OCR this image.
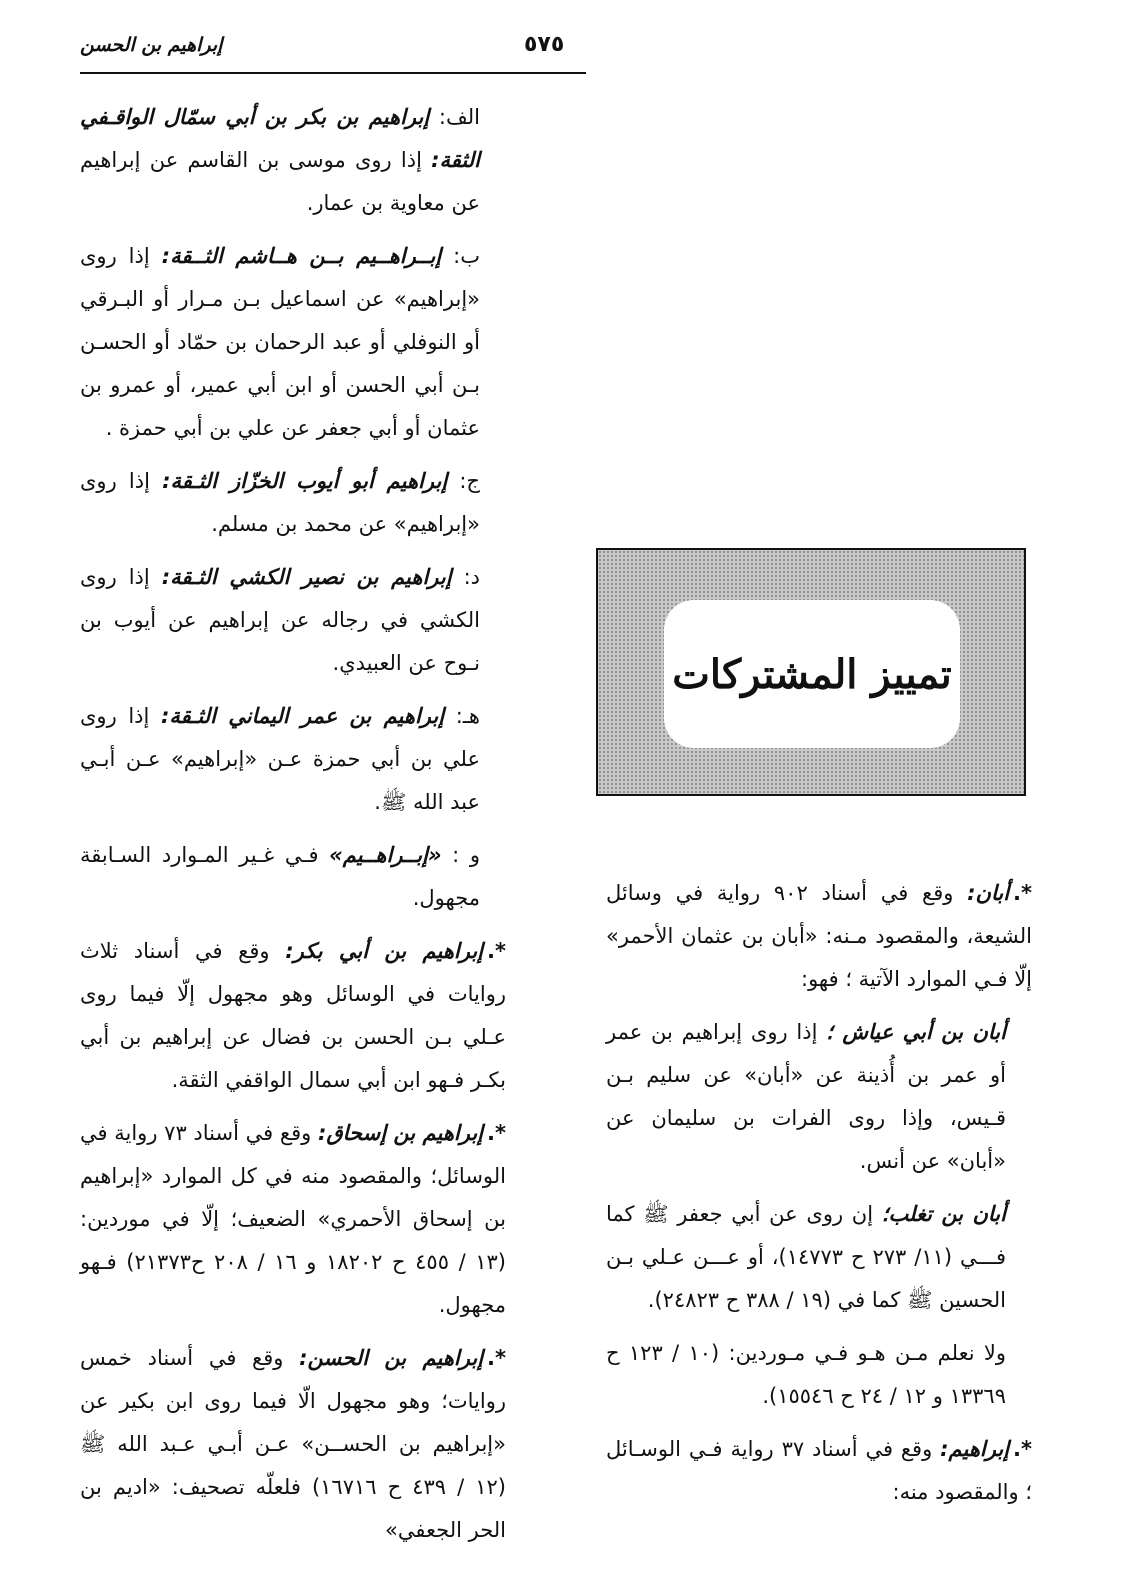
٥٧٥
إبراهيم بن الحسن

الف: إبراهيم بن بكر بن أبي سمّال الواقـفي الثقة: إذا روى موسى بن القاسم عن إبراهيم عن معاوية بن عمار.

ب: إبــراهــيم بــن هــاشم الثــقة: إذا روى «إبراهيم» عن اسماعيل بـن مـرار أو البـرقي أو النوفلي أو عبد الرحمان بن حمّاد أو الحسـن بـن أبي الحسن أو ابن أبي عمير، أو عمرو بن عثمان أو أبي جعفر عن علي بن أبي حمزة .

ج: إبراهيم أبو أيوب الخزّاز الثـقة: إذا روى «إبراهيم» عن محمد بن مسلم.

د: إبراهيم بن نصير الكشي الثـقة: إذا روى الكشي في رجاله عن إبراهيم عن أيوب بن نـوح عن العبيدي.

هـ: إبراهيم بن عمر اليماني الثـقة: إذا روى علي بن أبي حمزة عـن «إبراهيم» عـن أبـي عبد الله ﷺ.

و : «إبــراهــيم» فـي غـير المـوارد السـابقة مجهول.

*.إبراهيم بن أبي بكر: وقع في أسناد ثلاث روايات في الوسائل وهو مجهول إلّا فيما روى عـلي بـن الحسن بن فضال عن إبراهيم بن أبي بكـر فـهو ابن أبي سمال الواقفي الثقة.

*.إبراهيم بن إسحاق: وقع في أسناد ٧٣ رواية في الوسائل؛ والمقصود منه في كل الموارد «إبراهيم بن إسحاق الأحمري» الضعيف؛ إلّا في موردين: (١٣ / ٤٥٥ ح ١٨٢٠٢ و ١٦ / ٢٠٨ ح٢١٣٧٣) فـهو مجهول.

*.إبراهيم بن الحسن: وقع في أسناد خمس روايات؛ وهو مجهول الّا فيما روى ابن بكير عن «إبراهيم بن الحســن» عـن أبـي عـبد الله ﷺ (١٢ / ٤٣٩ ح ١٦٧١٦) فلعلّه تصحيف: «اديم بن الحر الجعفي»

تمييز المشتركات

*.أبان: وقع في أسناد ٩٠٢ رواية في وسائل الشيعة، والمقصود مـنه: «أبان بن عثمان الأحمر» إلّا فـي الموارد الآتية ؛ فهو:

أبان بن أبي عياش ؛ إذا روى إبراهيم بن عمر أو عمر بن أُذينة عن «أبان» عن سليم بـن قـيس، وإذا روى الفرات بن سليمان عن «أبان» عن أنس.

أبان بن تغلب؛ إن روى عن أبي جعفر ﷺ كما فـــي (١١/ ٢٧٣ ح ١٤٧٧٣)، أو عـــن عـلي بـن الحسين ﷺ كما في (١٩ / ٣٨٨ ح ٢٤٨٢٣).

ولا نعلم مـن هـو فـي مـوردين: (١٠ / ١٢٣ ح ١٣٣٦٩ و ١٢ / ٢٤ ح ١٥٥٤٦).

*.إبراهيم: وقع في أسناد ٣٧ رواية فـي الوسـائل ؛ والمقصود منه:
